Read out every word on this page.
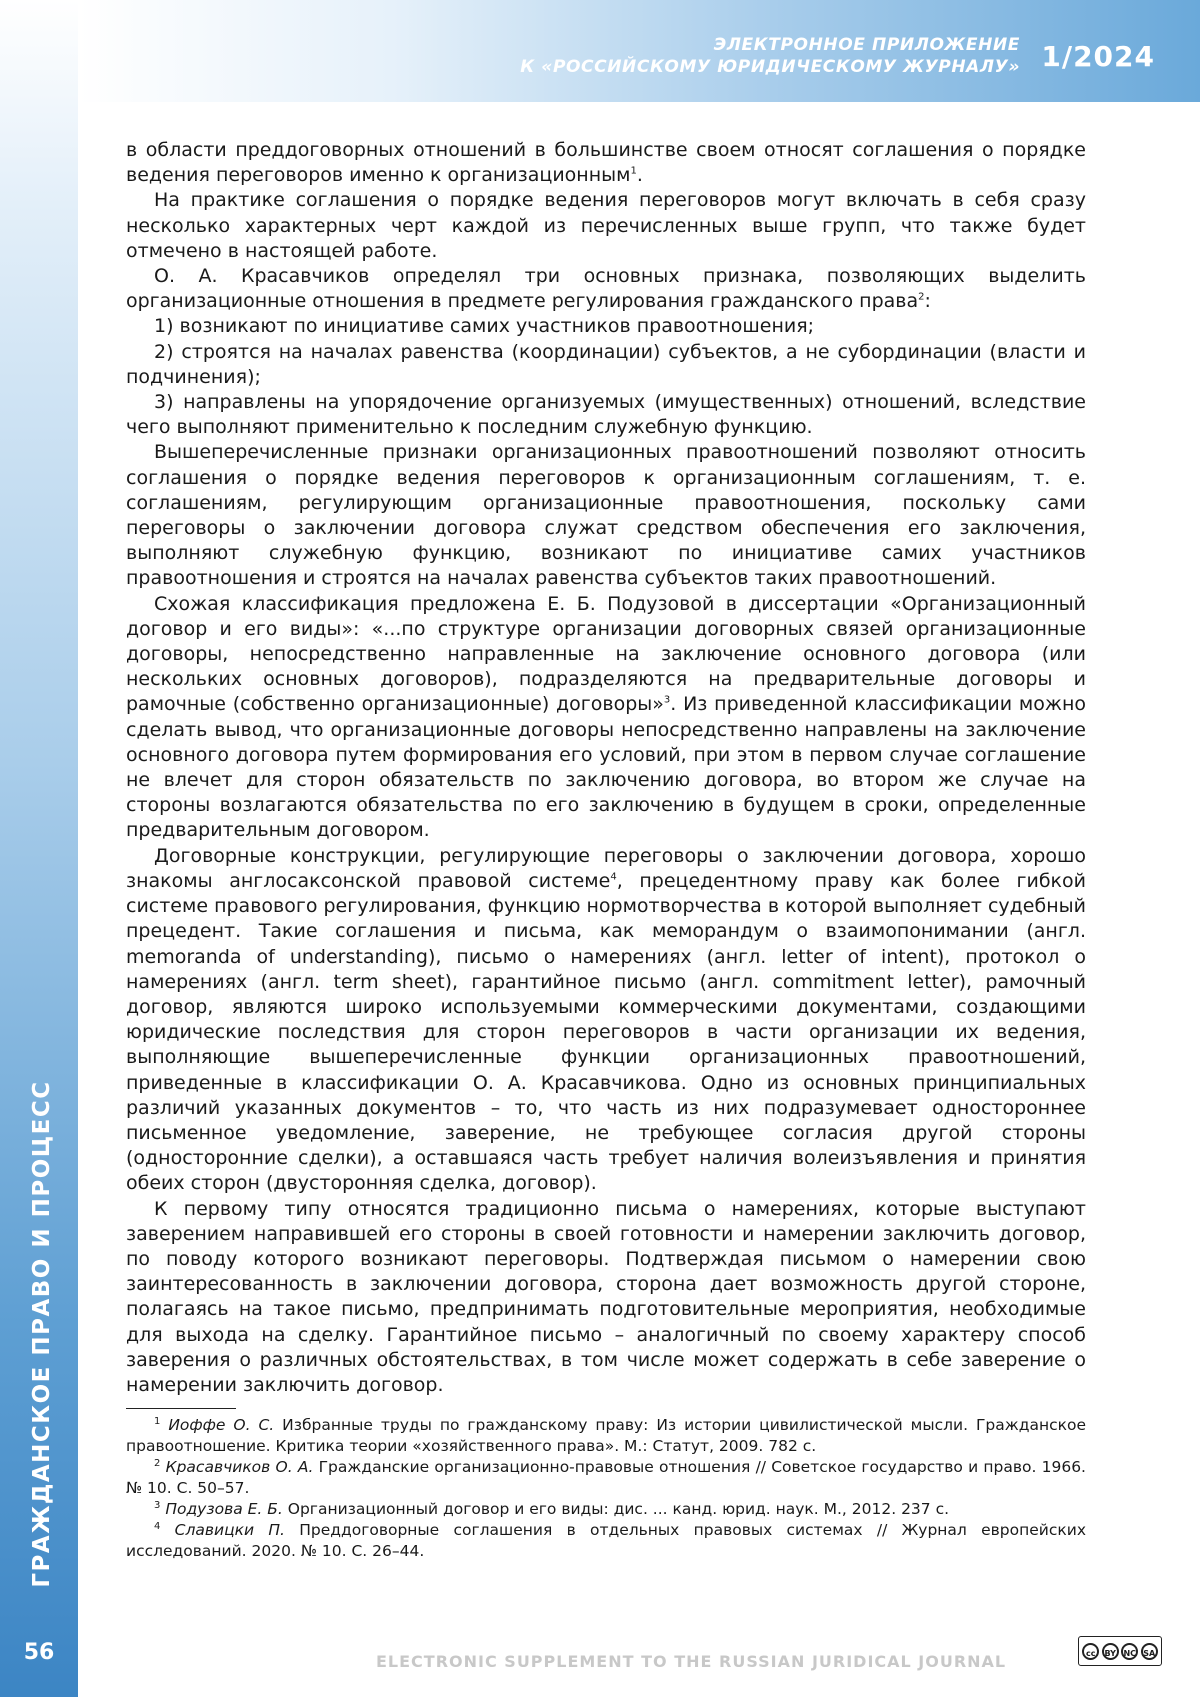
ГРАЖДАНСКОЕ ПРАВО И ПРОЦЕСС
56
ЭЛЕКТРОННОЕ ПРИЛОЖЕНИЕ
К «РОССИЙСКОМУ ЮРИДИЧЕСКОМУ ЖУРНАЛУ» 1/2024

в области преддоговорных отношений в большинстве своем относят соглашения о порядке ведения переговоров именно к организационным1.

На практике соглашения о порядке ведения переговоров могут включать в себя сразу несколько характерных черт каждой из перечисленных выше групп, что также будет отмечено в настоящей работе.

О. А. Красавчиков определял три основных признака, позволяющих выделить организационные отношения в предмете регулирования гражданского права2:

1) возникают по инициативе самих участников правоотношения;

2) строятся на началах равенства (координации) субъектов, а не субординации (власти и подчинения);

3) направлены на упорядочение организуемых (имущественных) отношений, вследствие чего выполняют применительно к последним служебную функцию.

Вышеперечисленные признаки организационных правоотношений позволяют относить соглашения о порядке ведения переговоров к организационным соглашениям, т. е. соглашениям, регулирующим организационные правоотношения, поскольку сами переговоры о заключении договора служат средством обеспечения его заключения, выполняют служебную функцию, возникают по инициативе самих участников правоотношения и строятся на началах равенства субъектов таких правоотношений.

Схожая классификация предложена Е. Б. Подузовой в диссертации «Организационный договор и его виды»: «...по структуре организации договорных связей организационные договоры, непосредственно направленные на заключение основного договора (или нескольких основных договоров), подразделяются на предварительные договоры и рамочные (собственно организационные) договоры»3. Из приведенной классификации можно сделать вывод, что организационные договоры непосредственно направлены на заключение основного договора путем формирования его условий, при этом в первом случае соглашение не влечет для сторон обязательств по заключению договора, во втором же случае на стороны возлагаются обязательства по его заключению в будущем в сроки, определенные предварительным договором.

Договорные конструкции, регулирующие переговоры о заключении договора, хорошо знакомы англосаксонской правовой системе4, прецедентному праву как более гибкой системе правового регулирования, функцию нормотворчества в которой выполняет судебный прецедент. Такие соглашения и письма, как меморандум о взаимопонимании (англ. memoranda of understanding), письмо о намерениях (англ. letter of intent), протокол о намерениях (англ. term sheet), гарантийное письмо (англ. commitment letter), рамочный договор, являются широко используемыми коммерческими документами, создающими юридические последствия для сторон переговоров в части организации их ведения, выполняющие вышеперечисленные функции организационных правоотношений, приведенные в классификации О. А. Красавчикова. Одно из основных принципиальных различий указанных документов – то, что часть из них подразумевает одностороннее письменное уведомление, заверение, не требующее согласия другой стороны (односторонние сделки), а оставшаяся часть требует наличия волеизъявления и принятия обеих сторон (двусторонняя сделка, договор).

К первому типу относятся традиционно письма о намерениях, которые выступают заверением направившей его стороны в своей готовности и намерении заключить договор, по поводу которого возникают переговоры. Подтверждая письмом о намерении свою заинтересованность в заключении договора, сторона дает возможность другой стороне, полагаясь на такое письмо, предпринимать подготовительные мероприятия, необходимые для выхода на сделку. Гарантийное письмо – аналогичный по своему характеру способ заверения о различных обстоятельствах, в том числе может содержать в себе заверение о намерении заключить договор.

1 Иоффе О. С. Избранные труды по гражданскому праву: Из истории цивилистической мысли. Гражданское правоотношение. Критика теории «хозяйственного права». М.: Статут, 2009. 782 с.

2 Красавчиков О. А. Гражданские организационно-правовые отношения // Советское государство и право. 1966. № 10. С. 50–57.

3 Подузова Е. Б. Организационный договор и его виды: дис. ... канд. юрид. наук. М., 2012. 237 с.

4 Славицки П. Преддоговорные соглашения в отдельных правовых системах // Журнал европейских исследований. 2020. № 10. С. 26–44.

ELECTRONIC SUPPLEMENT TO THE RUSSIAN JURIDICAL JOURNAL	cc	BY NC SA
